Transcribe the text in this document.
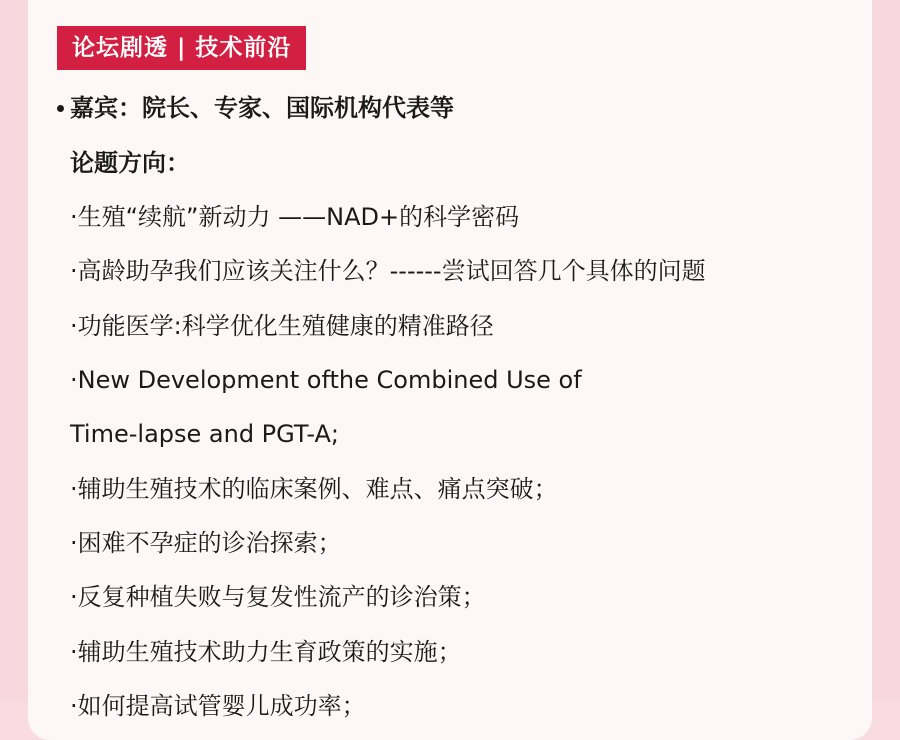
论坛剧透 | 技术前沿
嘉宾：院长、专家、国际机构代表等
论题方向：
·生殖“续航”新动力 ——NAD+的科学密码
·高龄助孕我们应该关注什么？------尝试回答几个具体的问题
·功能医学:科学优化生殖健康的精准路径
·New Development ofthe Combined Use of
Time-lapse and PGT-A;
·辅助生殖技术的临床案例、难点、痛点突破；
·困难不孕症的诊治探索；
·反复种植失败与复发性流产的诊治策；
·辅助生殖技术助力生育政策的实施；
·如何提高试管婴儿成功率；
